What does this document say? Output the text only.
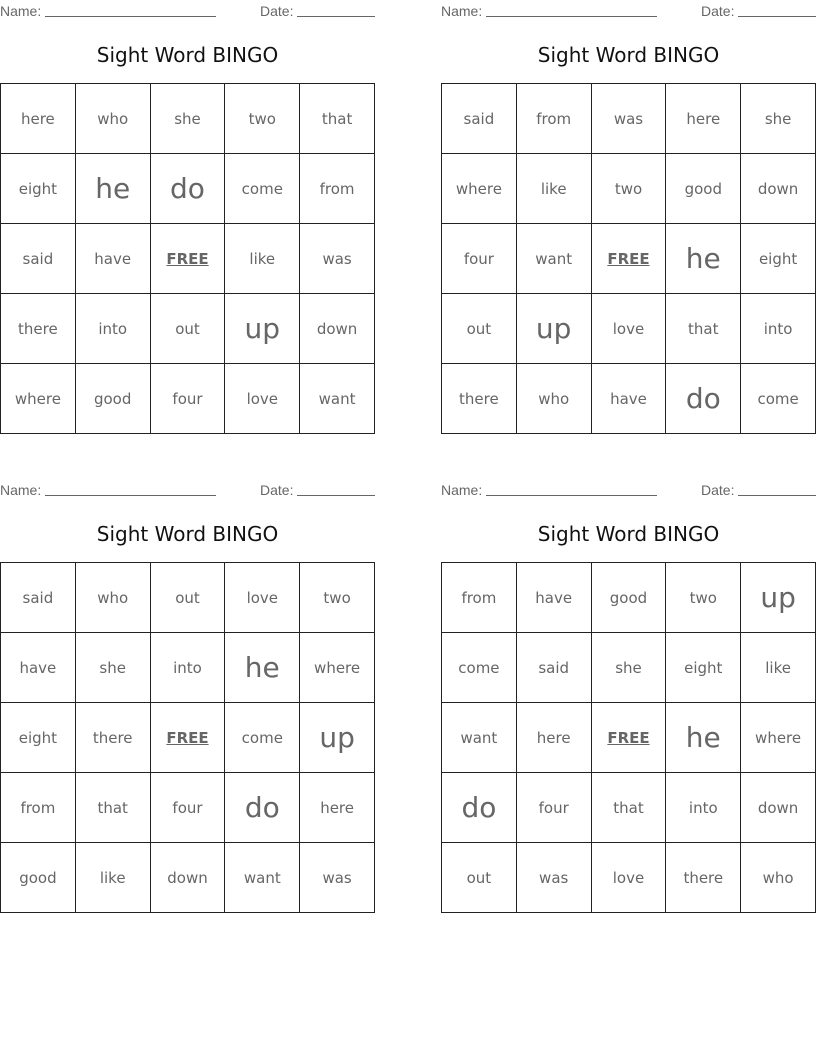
Name:	Date:
Sight Word BINGO
here	who	she	two	that
eight	he	do	come	from
said	have	FREE	like	was
there	into	out	up	down
where	good	four	love	want
Name:	Date:
Sight Word BINGO
said	from	was	here	she
where	like	two	good	down
four	want	FREE	he	eight
out	up	love	that	into
there	who	have	do	come
Name:	Date:
Sight Word BINGO
said	who	out	love	two
have	she	into	he	where
eight	there	FREE	come	up
from	that	four	do	here
good	like	down	want	was
Name:	Date:
Sight Word BINGO
from	have	good	two	up
come	said	she	eight	like
want	here	FREE	he	where
do	four	that	into	down
out	was	love	there	who
